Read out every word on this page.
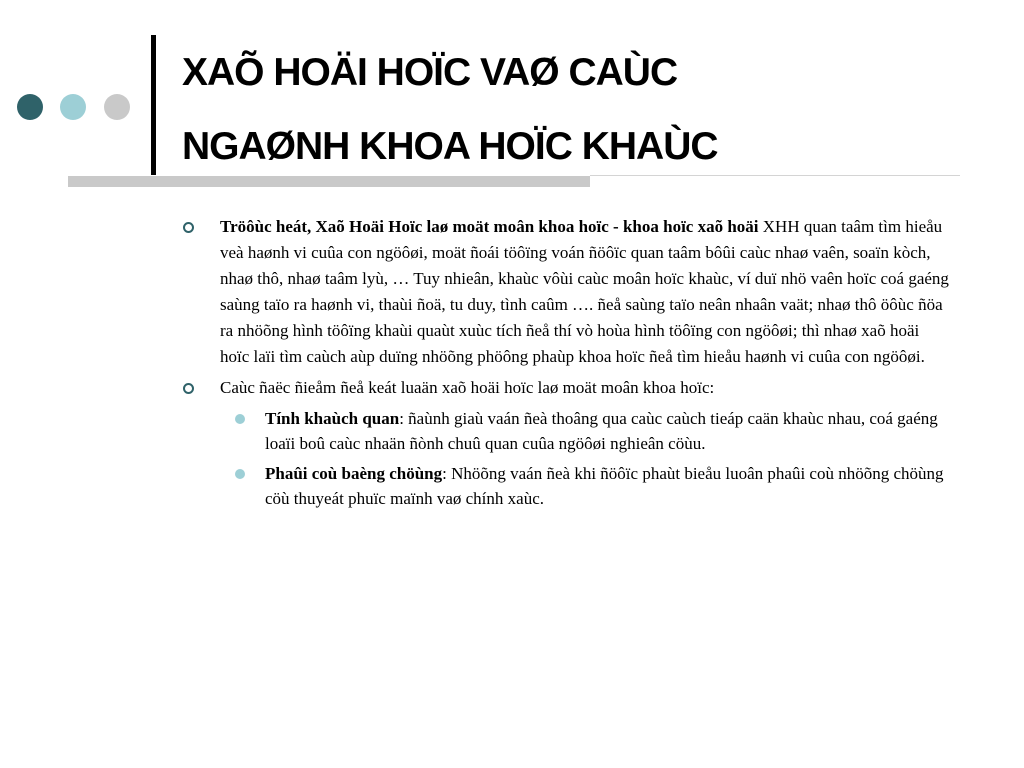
XAÕ HOÄI HOÏC VAØ CAÙC
NGAØNH KHOA HOÏC KHAÙC

Tröôùc heát, Xaõ Hoäi Hoïc laø moät moân khoa hoïc - khoa hoïc xaõ hoäi XHH quan taâm tìm hieåu veà haønh vi cuûa con ngöôøi, moät ñoái töôïng voán ñöôïc quan taâm bôûi caùc nhaø vaên, soaïn kòch, nhaø thô, nhaø taâm lyù, … Tuy nhieân, khaùc vôùi caùc moân hoïc khaùc, ví duï nhö vaên hoïc coá gaéng saùng taïo ra haønh vi, thaùi ñoä, tu duy, tình caûm …. ñeå saùng taïo neân nhaân vaät; nhaø thô öôùc ñöa ra nhöõng hình töôïng khaùi quaùt xuùc tích ñeå thí vò hoùa hình töôïng con ngöôøi; thì nhaø xaõ hoäi hoïc laïi tìm caùch aùp duïng nhöõng phöông phaùp khoa hoïc ñeå tìm hieåu haønh vi cuûa con ngöôøi.

Caùc ñaëc ñieåm ñeå keát luaän xaõ hoäi hoïc laø moät moân khoa hoïc:

Tính khaùch quan: ñaùnh giaù vaán ñeà thoâng qua caùc caùch tieáp caän khaùc nhau, coá gaéng loaïi boû caùc nhaän ñònh chuû quan cuûa ngöôøi nghieân cöùu.

Phaûi coù baèng chöùng: Nhöõng vaán ñeà khi ñöôïc phaùt bieåu luoân phaûi coù nhöõng chöùng cöù thuyeát phuïc maïnh vaø chính xaùc.
